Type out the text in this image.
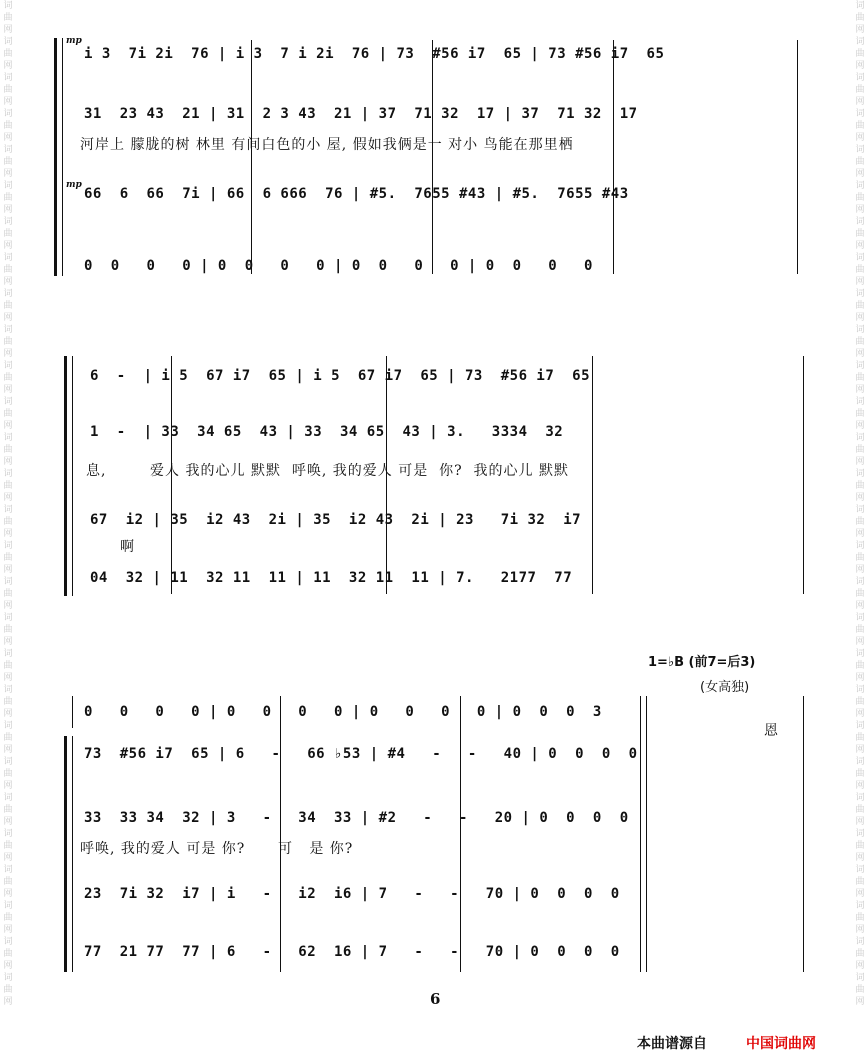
词
曲
网
词
曲
网
词
曲
网
词
曲
网
词
曲
网
词
曲
网
词
曲
网
词
曲
网
词
曲
网
词
曲
网
词
曲
网
词
曲
网
词
曲
网
词
曲
网
词
曲
网
词
曲
网
词
曲
网
词
曲
网
词
曲
网
词
曲
网
词
曲
网
词
曲
网
词
曲
网
词
曲
网
词
曲
网
词
曲
网
词
曲
网
词
曲
网
词
曲
网
词
曲
网
词
曲
网
词
曲
网
词
曲
网
词
曲
网
词
曲
网
词
曲
网
词
曲
网
词
曲
网
词
曲
网
词
曲
网
词
曲
网
词
曲
网
词
曲
网
词
曲
网
词
曲
网
词
曲
网
词
曲
网
词
曲
网
词
曲
网
词
曲
网
词
曲
网
词
曲
网
词
曲
网
词
曲
网
词
曲
网
词
曲
网
mp
i 3  7i 2i  76 | i 3  7 i 2i  76 | 73  #56 i7  65 | 73 #56 i7  65
31  23 43  21 | 31  2 3 43  21 | 37  71 32  17 | 37  71 32  17
河岸上 朦胧的树 林里 有间白色的小 屋, 假如我俩是一 对小 鸟能在那里栖
mp
66  6  66  7i | 66  6 666  76 | #5.  7655 #43 | #5.  7655 #43
0  0   0   0 | 0  0   0   0 | 0  0   0   0 | 0  0   0   0
6  -  | i 5  67 i7  65 | i 5  67 i7  65 | 73  #56 i7  65
1  -  | 33  34 65  43 | 33  34 65  43 | 3.   3334  32
息,        爱人 我的心儿 默默  呼唤, 我的爱人 可是  你?  我的心儿 默默
67  i2 | 35  i2 43  2i | 35  i2 43  2i | 23   7i 32  i7
啊
04  32 | 11  32 11  11 | 11  32 11  11 | 7.   2177  77
1=♭B (前7=后3)
(女高独)
0   0   0   0 | 0   0   0   0 | 0   0   0   0 | 0  0  0  3
恩
73  #56 i7  65 | 6   -   66 ♭53 | #4   -   -   40 | 0  0  0  0
33  33 34  32 | 3   -   34  33 | #2   -   -   20 | 0  0  0  0
呼唤, 我的爱人 可是 你?      可   是 你?
23  7i 32  i7 | i   -   i2  i6 | 7   -   -   70 | 0  0  0  0
77  21 77  77 | 6   -   62  16 | 7   -   -   70 | 0  0  0  0
6
本曲谱源自	中国词曲网
